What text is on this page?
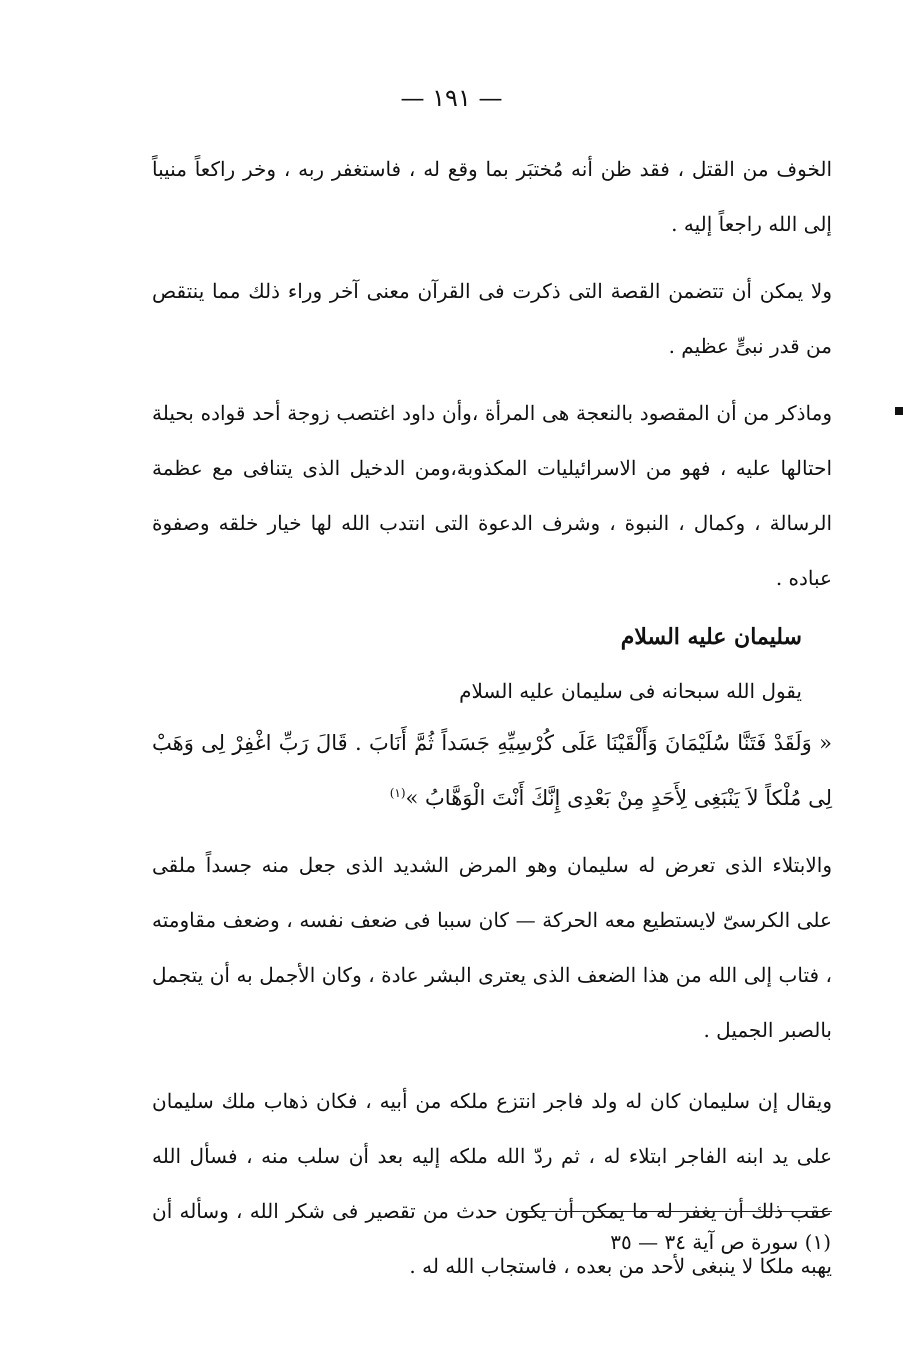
— ١٩١ —

الخوف من القتل ، فقد ظن أنه مُختبَر بما وقع له ، فاستغفر ربه ، وخر راكعاً منيباً إلى الله راجعاً إليه .

ولا يمكن أن تتضمن القصة التى ذكرت فى القرآن معنى آخر وراء ذلك مما ينتقص من قدر نبىٍّ عظيم .

وماذكر من أن المقصود بالنعجة هى المرأة ،وأن داود اغتصب زوجة أحد قواده بحيلة احتالها عليه ، فهو من الاسرائيليات المكذوبة،ومن الدخيل الذى يتنافى مع عظمة الرسالة ، وكمال ، النبوة ، وشرف الدعوة التى انتدب الله لها خيار خلقه وصفوة عباده .

سليمان عليه السلام

يقول الله سبحانه فى سليمان عليه السلام

« وَلَقَدْ فَتَنَّا سُلَيْمَانَ وَأَلْقَيْنَا عَلَى كُرْسِيِّهِ جَسَداً ثُمَّ أَنَابَ . قَالَ رَبِّ اغْفِرْ لِى وَهَبْ لِى مُلْكاً لاَ يَنْبَغِى لِأَحَدٍ مِنْ بَعْدِى إِنَّكَ أَنْتَ الْوَهَّابُ »$^{(١)}$

والابتلاء الذى تعرض له سليمان وهو المرض الشديد الذى جعل منه جسداً ملقى على الكرسىّ لايستطيع معه الحركة — كان سببا فى ضعف نفسه ، وضعف مقاومته ، فتاب إلى الله من هذا الضعف الذى يعترى البشر عادة ، وكان الأجمل به أن يتجمل بالصبر الجميل .

ويقال إن سليمان كان له ولد فاجر انتزع ملكه من أبيه ، فكان ذهاب ملك سليمان على يد ابنه الفاجر ابتلاء له ، ثم ردّ الله ملكه إليه بعد أن سلب منه ، فسأل الله عقب ذلك أن يغفر له ما يمكن أن يكون حدث من تقصير فى شكر الله ، وسأله أن يهبه ملكا لا ينبغى لأحد من بعده ، فاستجاب الله له .

(١) سورة ص آية ٣٤ — ٣٥
